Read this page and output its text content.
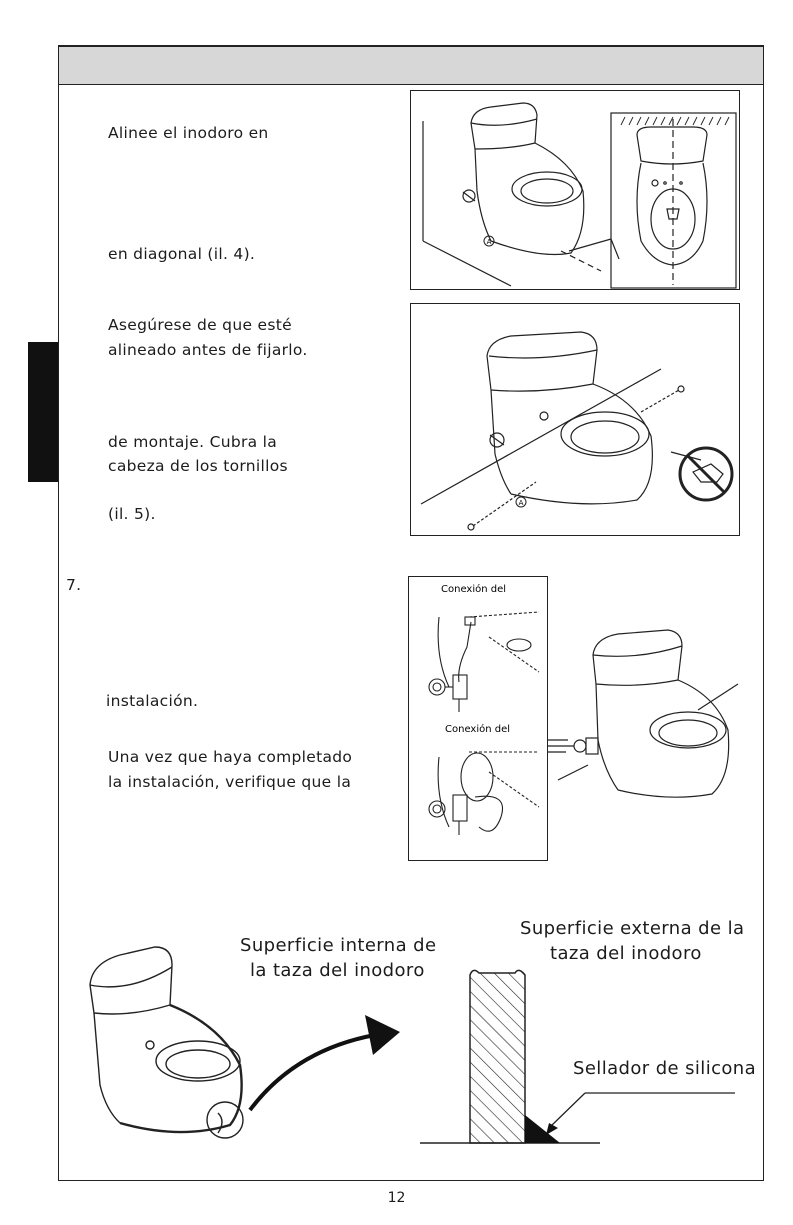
Alinee el inodoro en
en diagonal (il. 4).
A
Asegúrese de que esté
alineado antes de fijarlo.
de montaje. Cubra la
cabeza de los tornillos
(il. 5).
A
7.
instalación.
Una vez que haya completado
la instalación, verifique que la
Conexión del
Conexión del
Superficie interna de
la taza del inodoro
Superficie externa de la
taza del inodoro
Sellador de silicona
12
